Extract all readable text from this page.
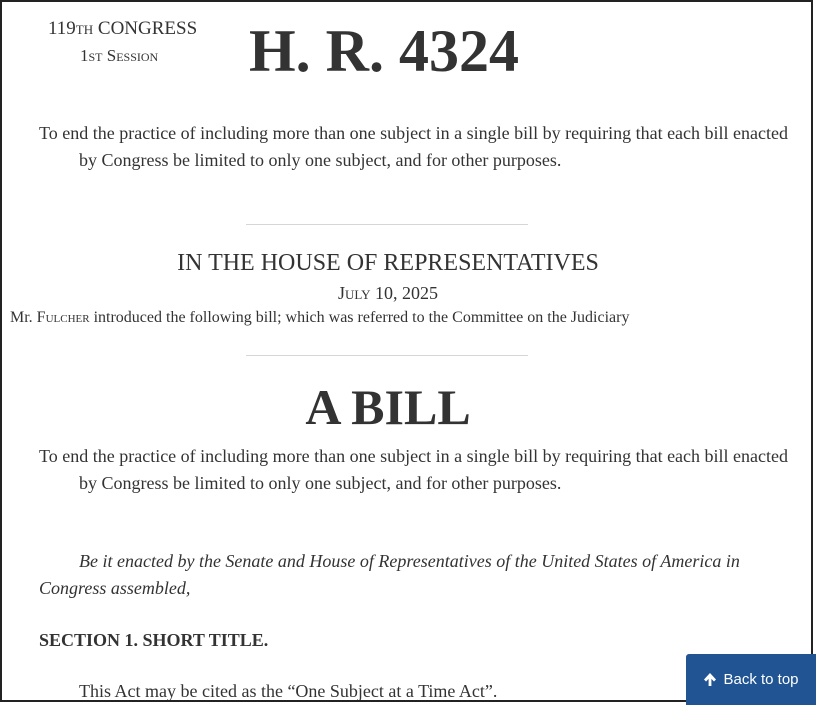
119th CONGRESS
1st Session H. R. 4324
To end the practice of including more than one subject in a single bill by requiring that each bill enacted by Congress be limited to only one subject, and for other purposes.
IN THE HOUSE OF REPRESENTATIVES
July 10, 2025
Mr. Fulcher introduced the following bill; which was referred to the Committee on the Judiciary
A BILL
To end the practice of including more than one subject in a single bill by requiring that each bill enacted by Congress be limited to only one subject, and for other purposes.
Be it enacted by the Senate and House of Representatives of the United States of America in Congress assembled,
SECTION 1. SHORT TITLE.
This Act may be cited as the “One Subject at a Time Act”.
Back to top
